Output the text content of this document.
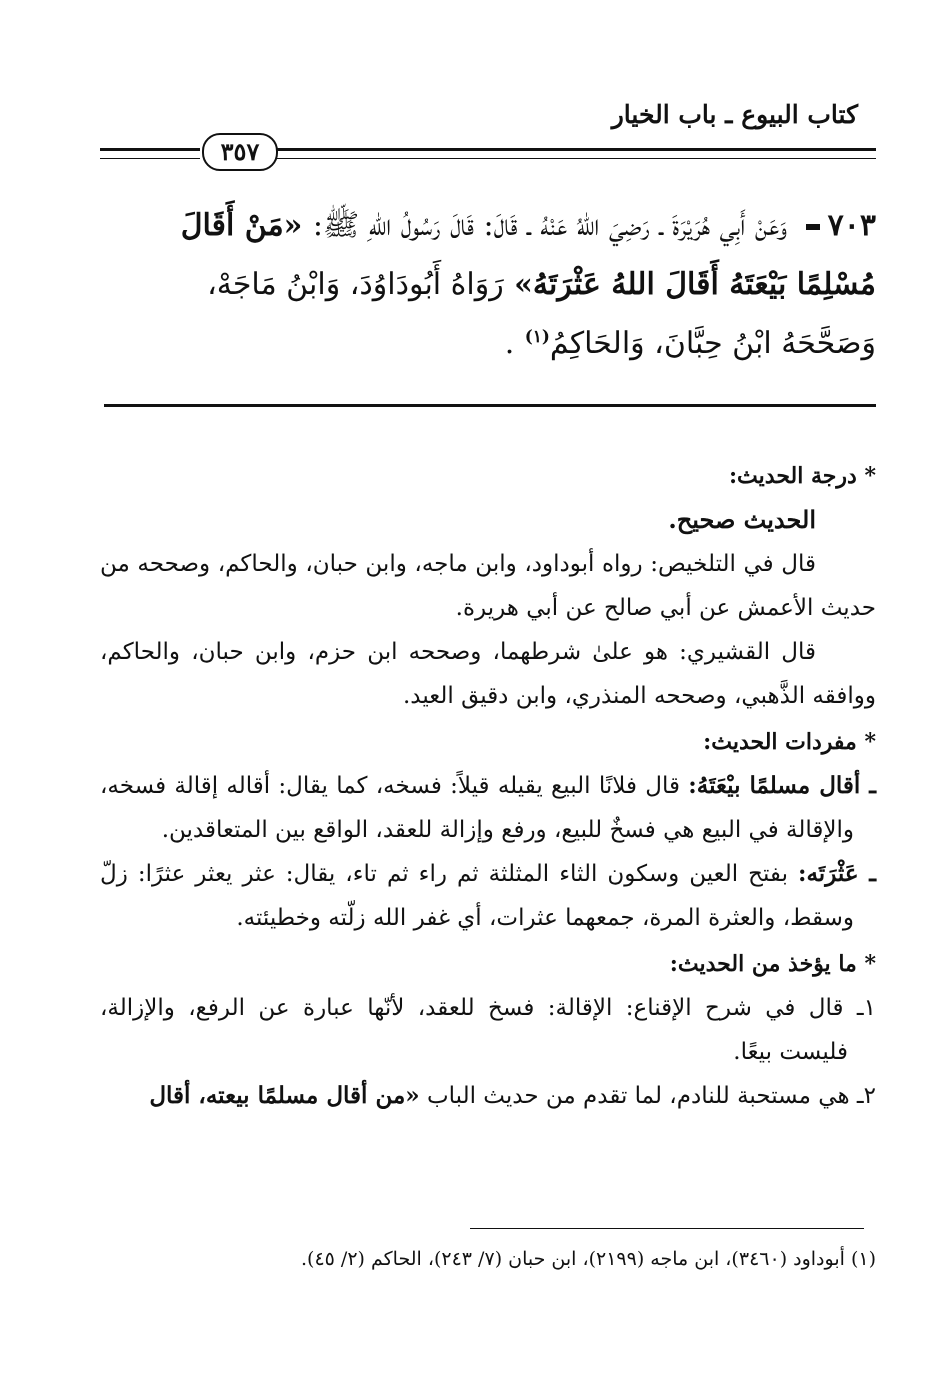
كتاب البيوع ـ باب الخيار
٣٥٧
٧٠٣ وَعَنْ أَبِي هُرَيْرَةَ ـ رَضِيَ اللهُ عَنْهُ ـ قَالَ: قَالَ رَسُولُ اللهِ ﷺ: «مَنْ أَقَالَ مُسْلِمًا بَيْعَتَهُ أَقَالَ اللهُ عَثْرَتَهُ» رَوَاهُ أَبُودَاوُدَ، وَابْنُ مَاجَهْ، وَصَحَّحَهُ ابْنُ حِبَّانَ، وَالحَاكِمُ$^{(١)}$ .
* درجة الحديث:
الحديث صحيح.
قال في التلخيص: رواه أبوداود، وابن ماجه، وابن حبان، والحاكم، وصححه من حديث الأعمش عن أبي صالح عن أبي هريرة.
قال القشيري: هو علىٰ شرطهما، وصححه ابن حزم، وابن حبان، والحاكم، ووافقه الذَّهبي، وصححه المنذري، وابن دقيق العيد.
* مفردات الحديث:
ـ أقال مسلمًا بيْعَتَهُ: قال فلانًا البيع يقيله قيلاً: فسخه، كما يقال: أقاله إقالة فسخه، والإقالة في البيع هي فسخٌ للبيع، ورفع وإزالة للعقد، الواقع بين المتعاقدين.
ـ عَثْرَتَه: بفتح العين وسكون الثاء المثلثة ثم راء ثم تاء، يقال: عثر يعثر عثرًا: زلّ وسقط، والعثرة المرة، جمعهما عثرات، أي غفر الله زلّته وخطيئته.
* ما يؤخذ من الحديث:
١ـ قال في شرح الإقناع: الإقالة: فسخ للعقد، لأنّها عبارة عن الرفع، والإزالة، فليست بيعًا.
٢ـ هي مستحبة للنادم، لما تقدم من حديث الباب «من أقال مسلمًا بيعته، أقال
(١) أبوداود (٣٤٦٠)، ابن ماجه (٢١٩٩)، ابن حبان (٧/ ٢٤٣)، الحاكم (٢/ ٤٥).
